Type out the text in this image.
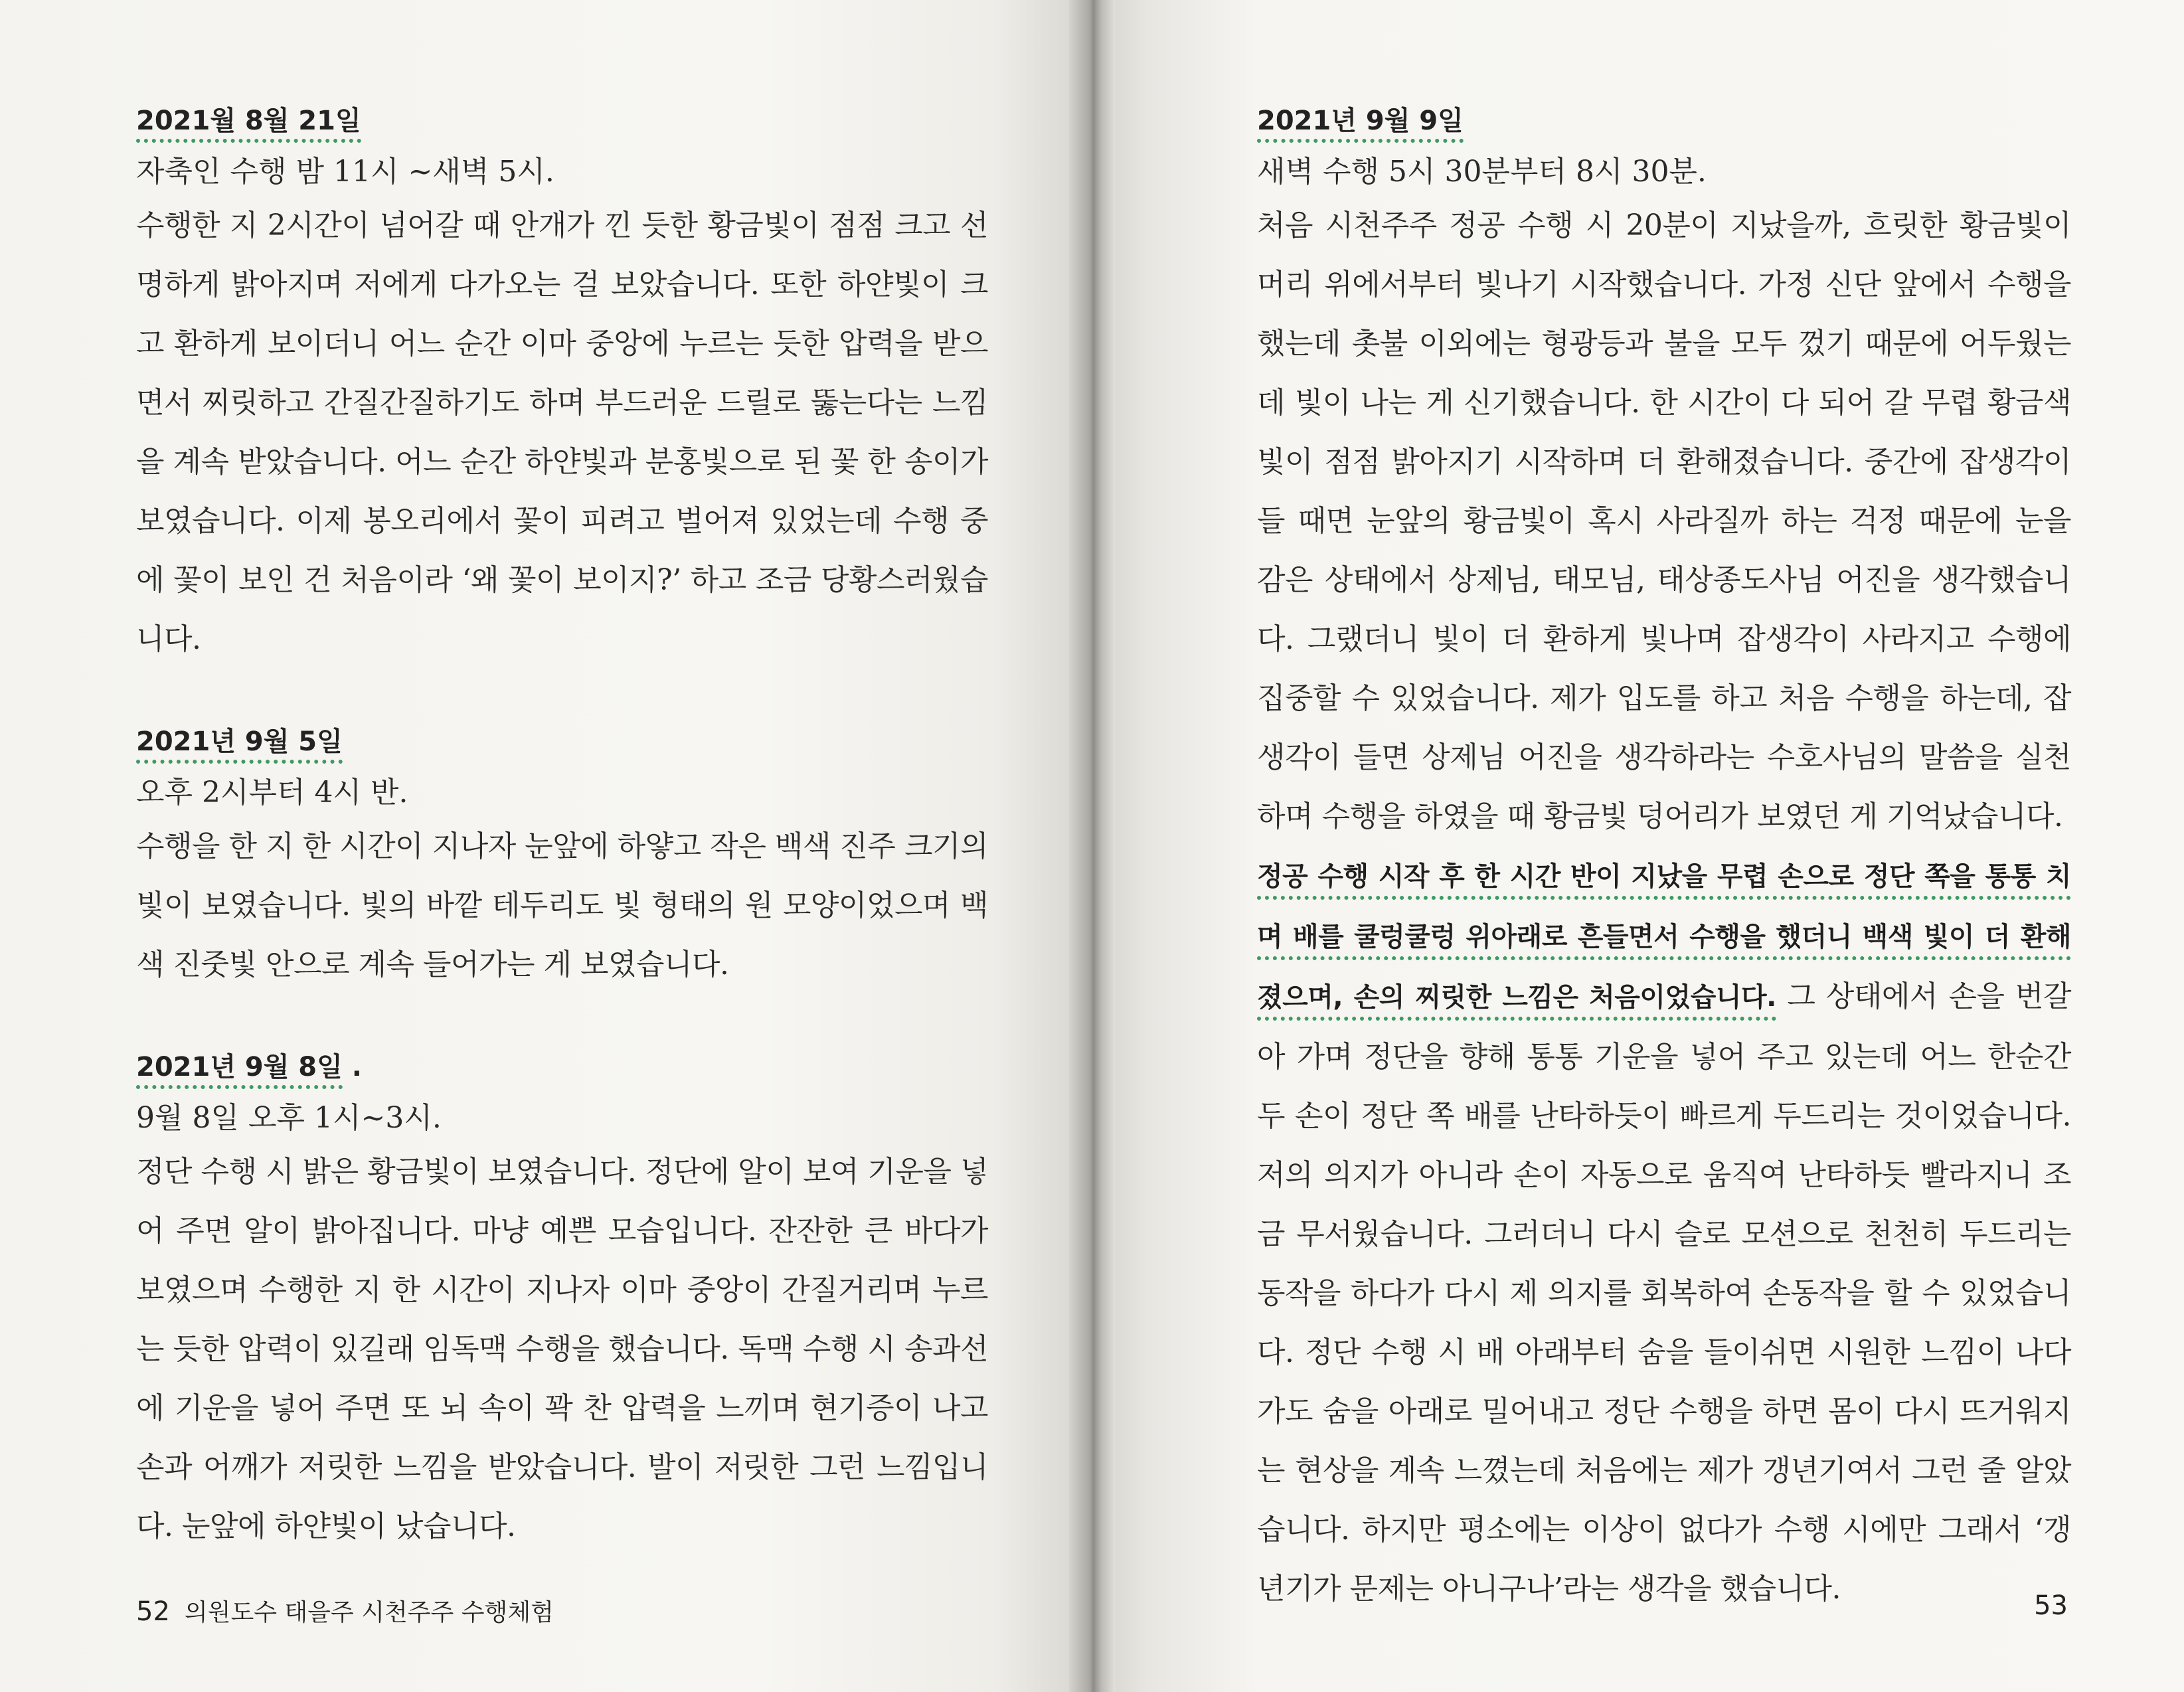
2021월 8월 21일

자축인 수행 밤 11시 ~새벽 5시.

수행한 지 2시간이 넘어갈 때 안개가 낀 듯한 황금빛이 점점 크고 선명하게 밝아지며 저에게 다가오는 걸 보았습니다. 또한 하얀빛이 크고 환하게 보이더니 어느 순간 이마 중앙에 누르는 듯한 압력을 받으면서 찌릿하고 간질간질하기도 하며 부드러운 드릴로 뚫는다는 느낌을 계속 받았습니다. 어느 순간 하얀빛과 분홍빛으로 된 꽃 한 송이가 보였습니다. 이제 봉오리에서 꽃이 피려고 벌어져 있었는데 수행 중에 꽃이 보인 건 처음이라 ‘왜 꽃이 보이지?’ 하고 조금 당황스러웠습니다.

2021년 9월 5일

오후 2시부터 4시 반.

수행을 한 지 한 시간이 지나자 눈앞에 하얗고 작은 백색 진주 크기의 빛이 보였습니다. 빛의 바깥 테두리도 빛 형태의 원 모양이었으며 백색 진줏빛 안으로 계속 들어가는 게 보였습니다.

2021년 9월 8일 .

9월 8일 오후 1시~3시.

정단 수행 시 밝은 황금빛이 보였습니다. 정단에 알이 보여 기운을 넣어 주면 알이 밝아집니다. 마냥 예쁜 모습입니다. 잔잔한 큰 바다가 보였으며 수행한 지 한 시간이 지나자 이마 중앙이 간질거리며 누르는 듯한 압력이 있길래 임독맥 수행을 했습니다. 독맥 수행 시 송과선에 기운을 넣어 주면 또 뇌 속이 꽉 찬 압력을 느끼며 현기증이 나고 손과 어깨가 저릿한 느낌을 받았습니다. 발이 저릿한 그런 느낌입니다. 눈앞에 하얀빛이 났습니다.

52 의원도수 태을주 시천주주 수행체험
2021년 9월 9일

새벽 수행 5시 30분부터 8시 30분.

처음 시천주주 정공 수행 시 20분이 지났을까, 흐릿한 황금빛이 머리 위에서부터 빛나기 시작했습니다. 가정 신단 앞에서 수행을 했는데 촛불 이외에는 형광등과 불을 모두 껐기 때문에 어두웠는데 빛이 나는 게 신기했습니다. 한 시간이 다 되어 갈 무렵 황금색 빛이 점점 밝아지기 시작하며 더 환해졌습니다. 중간에 잡생각이 들 때면 눈앞의 황금빛이 혹시 사라질까 하는 걱정 때문에 눈을 감은 상태에서 상제님, 태모님, 태상종도사님 어진을 생각했습니다. 그랬더니 빛이 더 환하게 빛나며 잡생각이 사라지고 수행에 집중할 수 있었습니다. 제가 입도를 하고 처음 수행을 하는데, 잡생각이 들면 상제님 어진을 생각하라는 수호사님의 말씀을 실천하며 수행을 하였을 때 황금빛 덩어리가 보였던 게 기억났습니다.

정공 수행 시작 후 한 시간 반이 지났을 무렵 손으로 정단 쪽을 통통 치며 배를 쿨렁쿨렁 위아래로 흔들면서 수행을 했더니 백색 빛이 더 환해졌으며, 손의 찌릿한 느낌은 처음이었습니다. 그 상태에서 손을 번갈아 가며 정단을 향해 통통 기운을 넣어 주고 있는데 어느 한순간 두 손이 정단 쪽 배를 난타하듯이 빠르게 두드리는 것이었습니다. 저의 의지가 아니라 손이 자동으로 움직여 난타하듯 빨라지니 조금 무서웠습니다. 그러더니 다시 슬로 모션으로 천천히 두드리는 동작을 하다가 다시 제 의지를 회복하여 손동작을 할 수 있었습니다. 정단 수행 시 배 아래부터 숨을 들이쉬면 시원한 느낌이 나다가도 숨을 아래로 밀어내고 정단 수행을 하면 몸이 다시 뜨거워지는 현상을 계속 느꼈는데 처음에는 제가 갱년기여서 그런 줄 알았습니다. 하지만 평소에는 이상이 없다가 수행 시에만 그래서 ‘갱년기가 문제는 아니구나’라는 생각을 했습니다.	53
